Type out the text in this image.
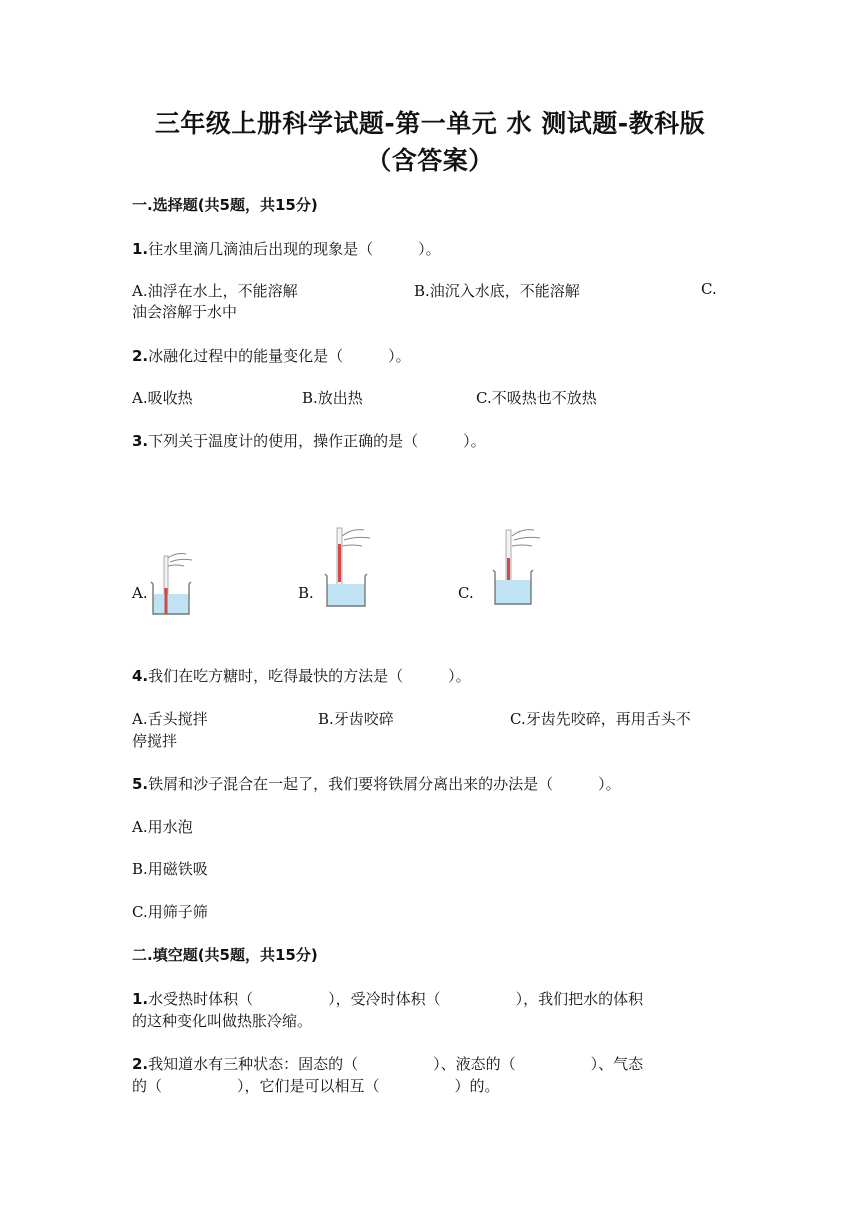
三年级上册科学试题-第一单元 水 测试题-教科版
（含答案）
一.选择题(共5题，共15分)
1.往水里滴几滴油后出现的现象是（　　　）。
A.油浮在水上，不能溶解	B.油沉入水底，不能溶解	C.
油会溶解于水中
2.冰融化过程中的能量变化是（　　　）。
A.吸收热	B.放出热	C.不吸热也不放热
3.下列关于温度计的使用，操作正确的是（　　　）。
A.	B.	C.
4.我们在吃方糖时，吃得最快的方法是（　　　）。
A.舌头搅拌	B.牙齿咬碎	C.牙齿先咬碎，再用舌头不
停搅拌
5.铁屑和沙子混合在一起了，我们要将铁屑分离出来的办法是（　　　）。
A.用水泡
B.用磁铁吸
C.用筛子筛
二.填空题(共5题，共15分)
1.水受热时体积（　　　　　），受冷时体积（　　　　　），我们把水的体积
的这种变化叫做热胀冷缩。
2.我知道水有三种状态：固态的（　　　　　）、液态的（　　　　　）、气态
的（　　　　　），它们是可以相互（　　　　　）的。
